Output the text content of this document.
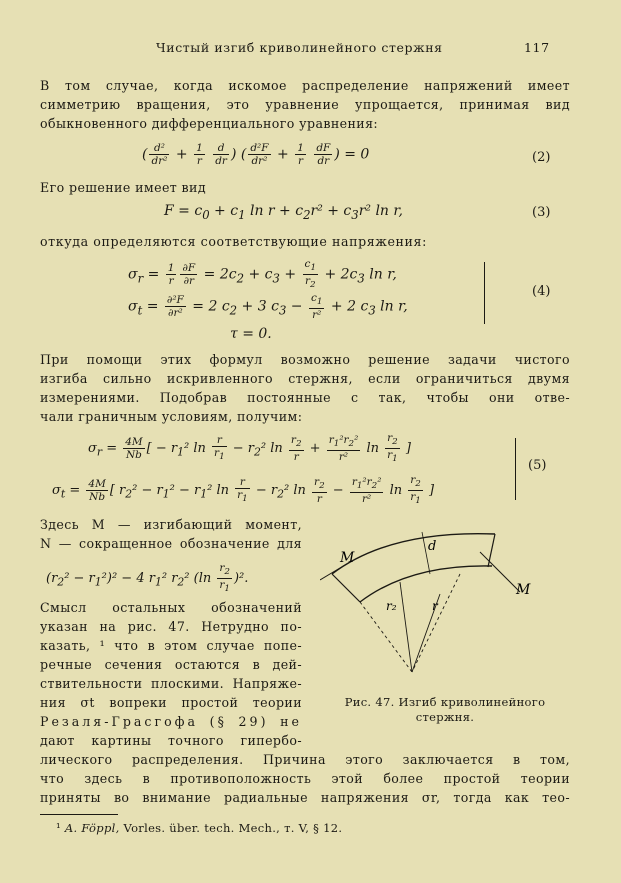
Чистый изгиб криволинейного стержня	117
В том случае, когда искомое распределение напряжений имеет
симметрию вращения, это уравнение упрощается, принимая вид
обыкновенного дифференциального уравнения:
( $\frac{\text{d²}}{\text{dr²}} + \frac{1}{r}$
$\frac{d}{dr}$ ) ( $\frac{\text{d²F}}{\text{dr²}} + \frac{1}{r}$
$\frac{dF}{dr}$ ) = 0	(2)
Его решение имеет вид
$F = c_0 + c_1$ $\ln r + c_2r^2 + c_3r^2$ ln r,	(3)
откуда определяются соответствующие напряжения:
$\sigma_r = \frac{1}{r} \frac{\partial F}{\partial r} = 2c_2 + c_3 + \frac{c_1}{r_2} + 2c_3$ ln r,
$\sigma_t = \frac{\text{∂²F}}{\text{∂r²}} = 2$ $c_2 + 3$ $c_3 - \frac{c_1}{\text{r²}} + 2$ $c_3$ ln r,
τ = 0.
(4)
При помощи этих формул возможно решение задачи чистого
изгиба сильно искривленного стержня, если ограничиться двумя
измерениями. Подобрав постоянные c так, чтобы они отве-
чали граничным условиям, получим:
$\sigma_r = \frac{4M}{Nb}$ [ − $r_1^2$ $\ln \frac{r}{r_1} - r_2^2$ $\ln \frac{r_2}{r} + \frac{r_1^2r_2^2}{\text{r²}}$ $\ln \frac{r_2}{r_1}$ ]
$\sigma_t = \frac{4M}{Nb}$ [ $r_2^2 - r_1^2 - r_1^2$ $\ln \frac{r}{r_1} - r_2^2$ $\ln \frac{r_2}{r} - \frac{r_1^2r_2^2}{\text{r²}}$ $\ln \frac{r_2}{r_1}$ ]
(5)
Здесь M — изгибающий момент,
N — сокращенное обозначение для
$(r_2^2 - r_1^2)^2 - 4$ $r_1^2$ $r_2^2$ $(\ln \frac{r_2}{r_1} )^2$.
Смысл остальных обозначений
указан на рис. 47. Нетрудно по-
казать, ¹ что в этом случае попе-
речные сечения остаются в дей-
ствительности плоскими. Напряже-
ния σt вопреки простой теории
Резаля-Грасгофа (§ 29) не
дают картины точного гипербо-
M
M
d
r₂	r
Рис. 47. Изгиб криволинейного
стержня.
лического распределения. Причина этого заключается в том,
что здесь в противоположность этой более простой теории
приняты во внимание радиальные напряжения σr, тогда как тео-
¹ A. Föppl, Vorles. über. tech. Mech., т. V, § 12.
